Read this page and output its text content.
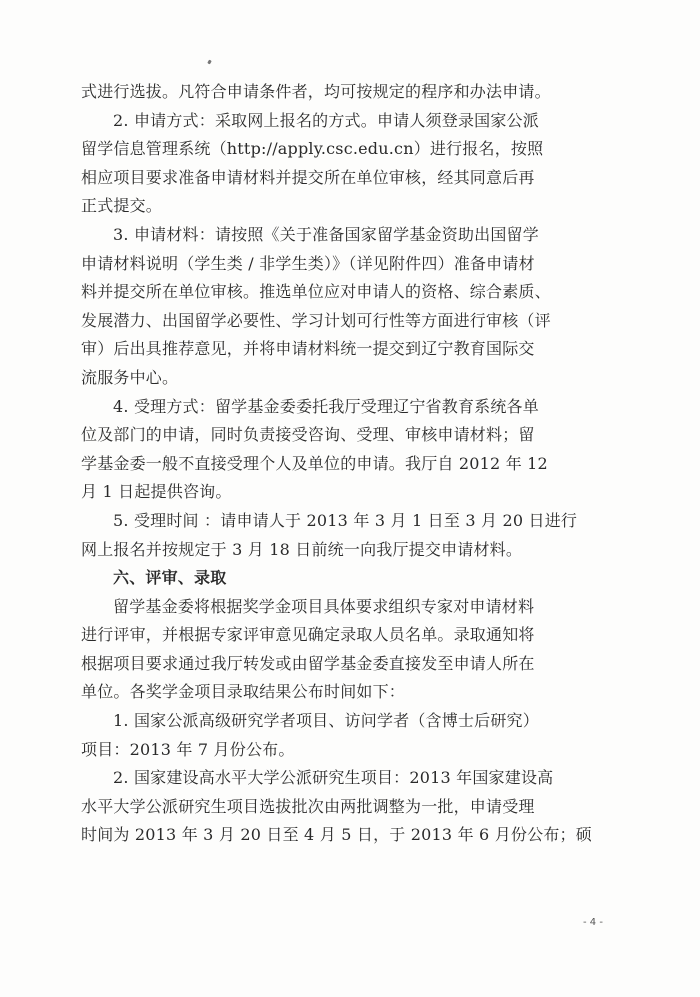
式进行选拔。凡符合申请条件者，均可按规定的程序和办法申请。
2. 申请方式：采取网上报名的方式。申请人须登录国家公派
留学信息管理系统（http://apply.csc.edu.cn）进行报名，按照
相应项目要求准备申请材料并提交所在单位审核，经其同意后再
正式提交。
3. 申请材料：请按照《关于准备国家留学基金资助出国留学
申请材料说明（学生类 / 非学生类）》（详见附件四）准备申请材
料并提交所在单位审核。推选单位应对申请人的资格、综合素质、
发展潜力、出国留学必要性、学习计划可行性等方面进行审核（评
审）后出具推荐意见，并将申请材料统一提交到辽宁教育国际交
流服务中心。
4. 受理方式：留学基金委委托我厅受理辽宁省教育系统各单
位及部门的申请，同时负责接受咨询、受理、审核申请材料；留
学基金委一般不直接受理个人及单位的申请。我厅自 2012 年 12
月 1 日起提供咨询。
5. 受理时间 ：请申请人于 2013 年 3 月 1 日至 3 月 20 日进行
网上报名并按规定于 3 月 18 日前统一向我厅提交申请材料。
六、评审、录取
留学基金委将根据奖学金项目具体要求组织专家对申请材料
进行评审，并根据专家评审意见确定录取人员名单。录取通知将
根据项目要求通过我厅转发或由留学基金委直接发至申请人所在
单位。各奖学金项目录取结果公布时间如下：
1. 国家公派高级研究学者项目、访问学者（含博士后研究）
项目：2013 年 7 月份公布。
2. 国家建设高水平大学公派研究生项目：2013 年国家建设高
水平大学公派研究生项目选拔批次由两批调整为一批，申请受理
时间为 2013 年 3 月 20 日至 4 月 5 日，于 2013 年 6 月份公布；硕
- 4 -
